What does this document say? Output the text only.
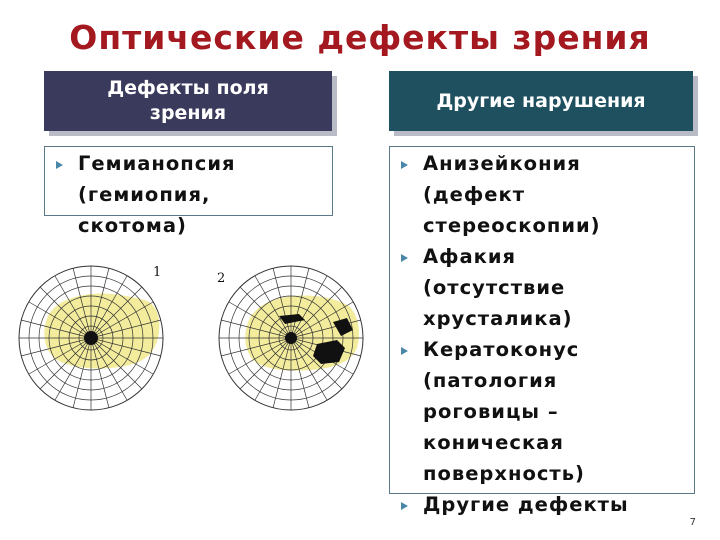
Оптические дефекты зрения
Дефекты поля
зрения
Другие нарушения
Гемианопсия
(гемиопия,
скотома)
Анизейкония
(дефект
стереоскопии)
Афакия
(отсутствие
хрусталика)
Кератоконус
(патология
роговицы –
коническая
поверхность)
Другие дефекты
1	2
7
